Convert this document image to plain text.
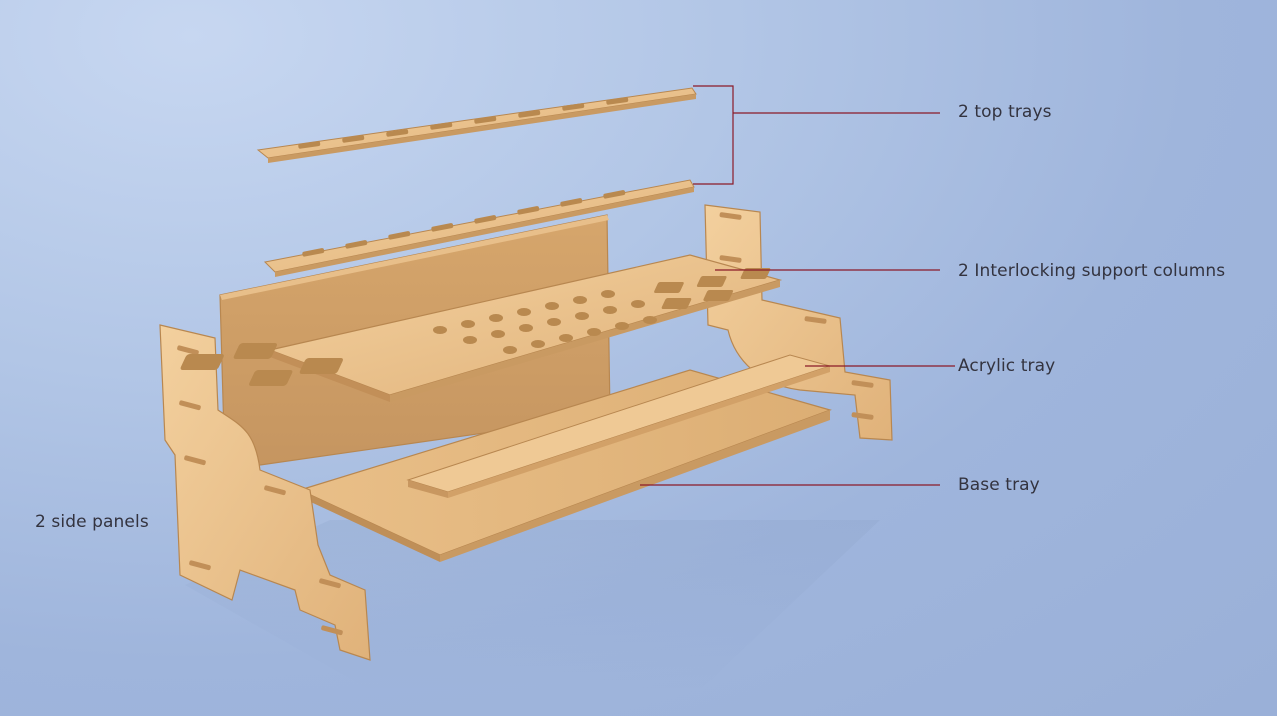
2 top trays
2 Interlocking support columns
Acrylic tray
Base tray
2 side panels
